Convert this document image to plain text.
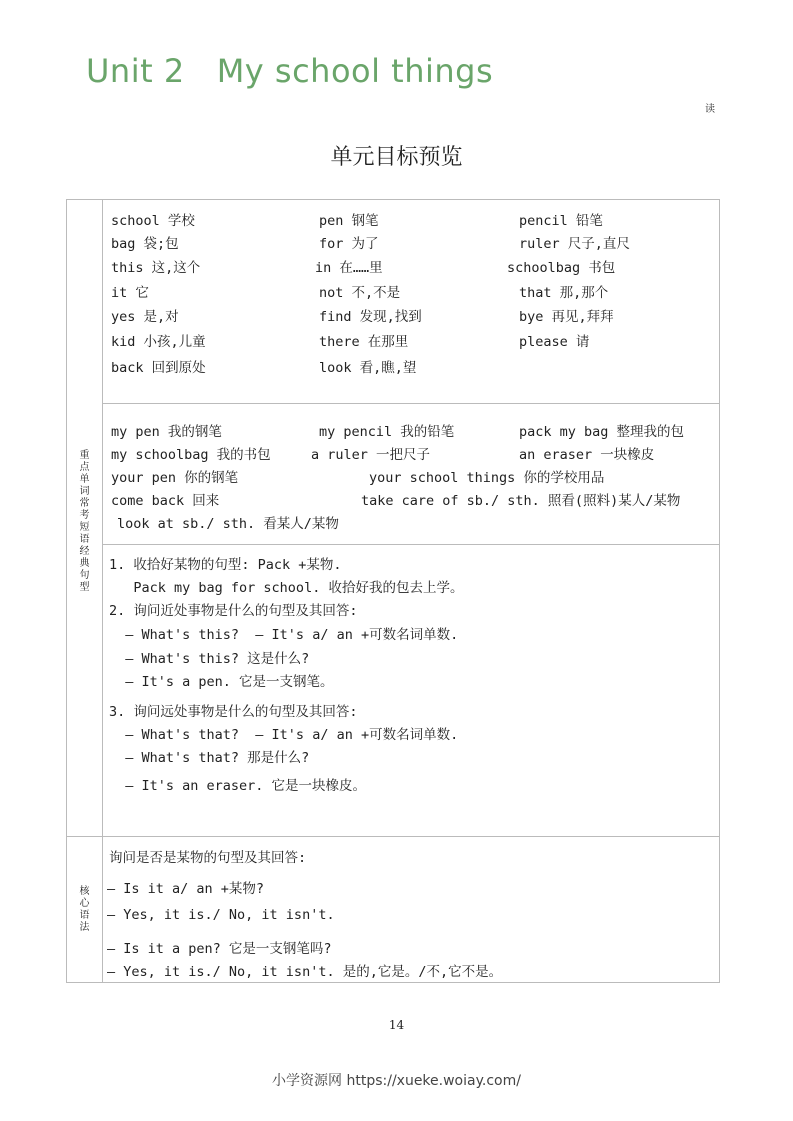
Unit 2   My school things
读
单元目标预览
重
点
单
词
常
考
短
语
经
典
句
型
核
心
语
法
school 学校	pen 钢笔	pencil 铅笔
bag 袋;包	for 为了	ruler 尺子,直尺
this 这,这个	in 在……里	schoolbag 书包
it 它	not 不,不是	that 那,那个
yes 是,对	find 发现,找到	bye 再见,拜拜
kid 小孩,儿童	there 在那里	please 请
back 回到原处	look 看,瞧,望
my pen 我的钢笔	my pencil 我的铅笔	pack my bag 整理我的包
my schoolbag 我的书包	a ruler 一把尺子	an eraser 一块橡皮
your pen 你的钢笔	your school things 你的学校用品
come back 回来	take care of sb./ sth. 照看(照料)某人/某物
look at sb./ sth. 看某人/某物
1. 收拾好某物的句型: Pack +某物.
Pack my bag for school. 收拾好我的包去上学。
2. 询问近处事物是什么的句型及其回答:
— What's this?  — It's a/ an +可数名词单数.
— What's this? 这是什么?
— It's a pen. 它是一支钢笔。
3. 询问远处事物是什么的句型及其回答:
— What's that?  — It's a/ an +可数名词单数.
— What's that? 那是什么?
— It's an eraser. 它是一块橡皮。
询问是否是某物的句型及其回答:
— Is it a/ an +某物?
— Yes, it is./ No, it isn't.
— Is it a pen? 它是一支钢笔吗?
— Yes, it is./ No, it isn't. 是的,它是。/不,它不是。
14
小学资源网 https://xueke.woiay.com/
